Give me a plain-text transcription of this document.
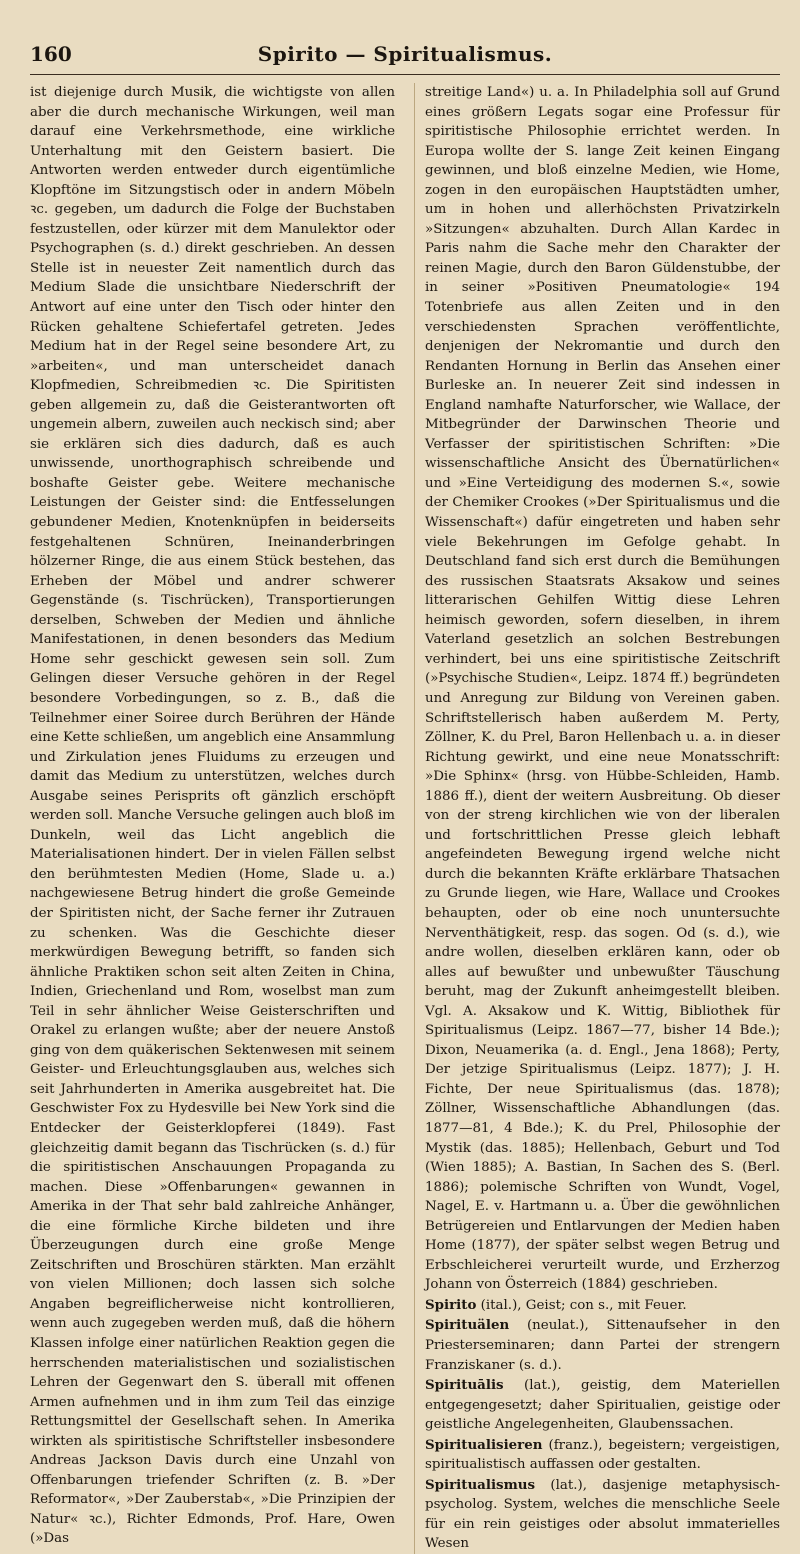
160	Spirito — Spiritualismus.

ist diejenige durch Musik, die wichtigste von allen aber die durch mechanische Wirkungen, weil man darauf eine Verkehrsmethode, eine wirkliche Unterhaltung mit den Geistern basiert. Die Antworten werden entweder durch eigentümliche Klopftöne im Sitzungstisch oder in andern Möbeln ꝛc. gegeben, um dadurch die Folge der Buchstaben festzustellen, oder kürzer mit dem Manulektor oder Psychographen (s. d.) direkt geschrieben. An dessen Stelle ist in neuester Zeit namentlich durch das Medium Slade die unsichtbare Niederschrift der Antwort auf eine unter den Tisch oder hinter den Rücken gehaltene Schiefertafel getreten. Jedes Medium hat in der Regel seine besondere Art, zu »arbeiten«, und man unterscheidet danach Klopfmedien, Schreibmedien ꝛc. Die Spiritisten geben allgemein zu, daß die Geisterantworten oft ungemein albern, zuweilen auch neckisch sind; aber sie erklären sich dies dadurch, daß es auch unwissende, unorthographisch schreibende und boshafte Geister gebe. Weitere mechanische Leistungen der Geister sind: die Entfesselungen gebundener Medien, Knotenknüpfen in beiderseits festgehaltenen Schnüren, Ineinanderbringen hölzerner Ringe, die aus einem Stück bestehen, das Erheben der Möbel und andrer schwerer Gegenstände (s. Tischrücken), Transportierungen derselben, Schweben der Medien und ähnliche Manifestationen, in denen besonders das Medium Home sehr geschickt gewesen sein soll. Zum Gelingen dieser Versuche gehören in der Regel besondere Vorbedingungen, so z. B., daß die Teilnehmer einer Soiree durch Berühren der Hände eine Kette schließen, um angeblich eine Ansammlung und Zirkulation jenes Fluidums zu erzeugen und damit das Medium zu unterstützen, welches durch Ausgabe seines Perisprits oft gänzlich erschöpft werden soll. Manche Versuche gelingen auch bloß im Dunkeln, weil das Licht angeblich die Materialisationen hindert. Der in vielen Fällen selbst den berühmtesten Medien (Home, Slade u. a.) nachgewiesene Betrug hindert die große Gemeinde der Spiritisten nicht, der Sache ferner ihr Zutrauen zu schenken. Was die Geschichte dieser merkwürdigen Bewegung betrifft, so fanden sich ähnliche Praktiken schon seit alten Zeiten in China, Indien, Griechenland und Rom, woselbst man zum Teil in sehr ähnlicher Weise Geisterschriften und Orakel zu erlangen wußte; aber der neuere Anstoß ging von dem quäkerischen Sektenwesen mit seinem Geister- und Erleuchtungsglauben aus, welches sich seit Jahrhunderten in Amerika ausgebreitet hat. Die Geschwister Fox zu Hydesville bei New York sind die Entdecker der Geisterklopferei (1849). Fast gleichzeitig damit begann das Tischrücken (s. d.) für die spiritistischen Anschauungen Propaganda zu machen. Diese »Offenbarungen« gewannen in Amerika in der That sehr bald zahlreiche Anhänger, die eine förmliche Kirche bildeten und ihre Überzeugungen durch eine große Menge Zeitschriften und Broschüren stärkten. Man erzählt von vielen Millionen; doch lassen sich solche Angaben begreiflicherweise nicht kontrollieren, wenn auch zugegeben werden muß, daß die höhern Klassen infolge einer natürlichen Reaktion gegen die herrschenden materialistischen und sozialistischen Lehren der Gegenwart den S. überall mit offenen Armen aufnehmen und in ihm zum Teil das einzige Rettungsmittel der Gesellschaft sehen. In Amerika wirkten als spiritistische Schriftsteller insbesondere Andreas Jackson Davis durch eine Unzahl von Offenbarungen triefender Schriften (z. B. »Der Reformator«, »Der Zauberstab«, »Die Prinzipien der Natur« ꝛc.), Richter Edmonds, Prof. Hare, Owen (»Das

streitige Land«) u. a. In Philadelphia soll auf Grund eines größern Legats sogar eine Professur für spiritistische Philosophie errichtet werden. In Europa wollte der S. lange Zeit keinen Eingang gewinnen, und bloß einzelne Medien, wie Home, zogen in den europäischen Hauptstädten umher, um in hohen und allerhöchsten Privatzirkeln »Sitzungen« abzuhalten. Durch Allan Kardec in Paris nahm die Sache mehr den Charakter der reinen Magie, durch den Baron Güldenstubbe, der in seiner »Positiven Pneumatologie« 194 Totenbriefe aus allen Zeiten und in den verschiedensten Sprachen veröffentlichte, denjenigen der Nekromantie und durch den Rendanten Hornung in Berlin das Ansehen einer Burleske an. In neuerer Zeit sind indessen in England namhafte Naturforscher, wie Wallace, der Mitbegründer der Darwinschen Theorie und Verfasser der spiritistischen Schriften: »Die wissenschaftliche Ansicht des Übernatürlichen« und »Eine Verteidigung des modernen S.«, sowie der Chemiker Crookes (»Der Spiritualismus und die Wissenschaft«) dafür eingetreten und haben sehr viele Bekehrungen im Gefolge gehabt. In Deutschland fand sich erst durch die Bemühungen des russischen Staatsrats Aksakow und seines litterarischen Gehilfen Wittig diese Lehren heimisch geworden, sofern dieselben, in ihrem Vaterland gesetzlich an solchen Bestrebungen verhindert, bei uns eine spiritistische Zeitschrift (»Psychische Studien«, Leipz. 1874 ff.) begründeten und Anregung zur Bildung von Vereinen gaben. Schriftstellerisch haben außerdem M. Perty, Zöllner, K. du Prel, Baron Hellenbach u. a. in dieser Richtung gewirkt, und eine neue Monatsschrift: »Die Sphinx« (hrsg. von Hübbe-Schleiden, Hamb. 1886 ff.), dient der weitern Ausbreitung. Ob dieser von der streng kirchlichen wie von der liberalen und fortschrittlichen Presse gleich lebhaft angefeindeten Bewegung irgend welche nicht durch die bekannten Kräfte erklärbare Thatsachen zu Grunde liegen, wie Hare, Wallace und Crookes behaupten, oder ob eine noch ununtersuchte Nerventhätigkeit, resp. das sogen. Od (s. d.), wie andre wollen, dieselben erklären kann, oder ob alles auf bewußter und unbewußter Täuschung beruht, mag der Zukunft anheimgestellt bleiben. Vgl. A. Aksakow und K. Wittig, Bibliothek für Spiritualismus (Leipz. 1867—77, bisher 14 Bde.); Dixon, Neuamerika (a. d. Engl., Jena 1868); Perty, Der jetzige Spiritualismus (Leipz. 1877); J. H. Fichte, Der neue Spiritualismus (das. 1878); Zöllner, Wissenschaftliche Abhandlungen (das. 1877—81, 4 Bde.); K. du Prel, Philosophie der Mystik (das. 1885); Hellenbach, Geburt und Tod (Wien 1885); A. Bastian, In Sachen des S. (Berl. 1886); polemische Schriften von Wundt, Vogel, Nagel, E. v. Hartmann u. a. Über die gewöhnlichen Betrügereien und Entlarvungen der Medien haben Home (1877), der später selbst wegen Betrug und Erbschleicherei verurteilt wurde, und Erzherzog Johann von Österreich (1884) geschrieben.

Spirito (ital.), Geist; con s., mit Feuer.

Spirituälen (neulat.), Sittenaufseher in den Priesterseminaren; dann Partei der strengern Franziskaner (s. d.).

Spirituālis (lat.), geistig, dem Materiellen entgegengesetzt; daher Spiritualien, geistige oder geistliche Angelegenheiten, Glaubenssachen.

Spiritualisieren (franz.), begeistern; vergeistigen, spiritualistisch auffassen oder gestalten.

Spiritualismus (lat.), dasjenige metaphysisch-psycholog. System, welches die menschliche Seele für ein rein geistiges oder absolut immaterielles Wesen
